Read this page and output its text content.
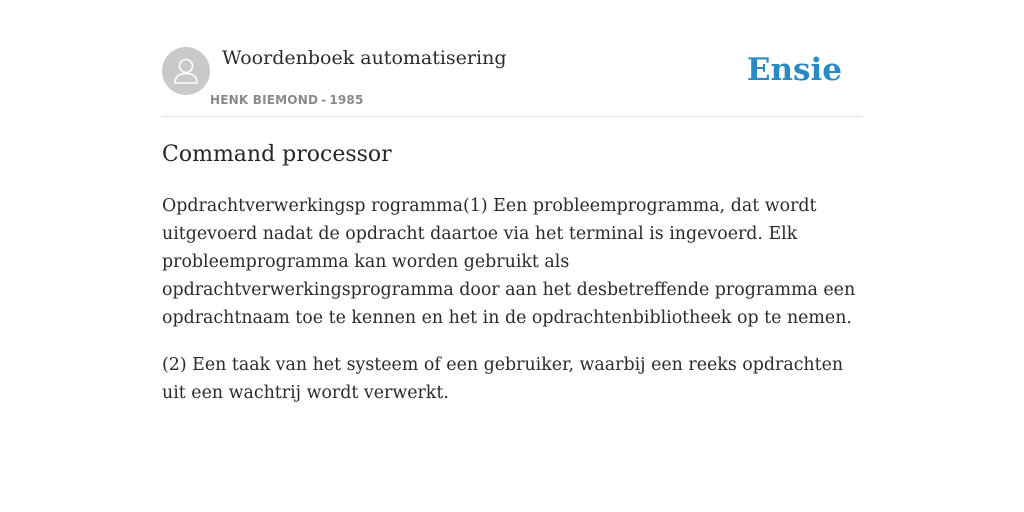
Woordenboek automatisering
HENK BIEMOND - 1985
Ensie
Command processor

Opdrachtverwerkingsp rogramma(1) Een probleemprogramma, dat wordt uitgevoerd nadat de opdracht daartoe via het terminal is ingevoerd. Elk probleemprogramma kan worden gebruikt als opdrachtverwerkingsprogramma door aan het desbetreffende programma een opdrachtnaam toe te kennen en het in de opdrachtenbibliotheek op te nemen.

(2) Een taak van het systeem of een gebruiker, waarbij een reeks opdrachten uit een wachtrij wordt verwerkt.
